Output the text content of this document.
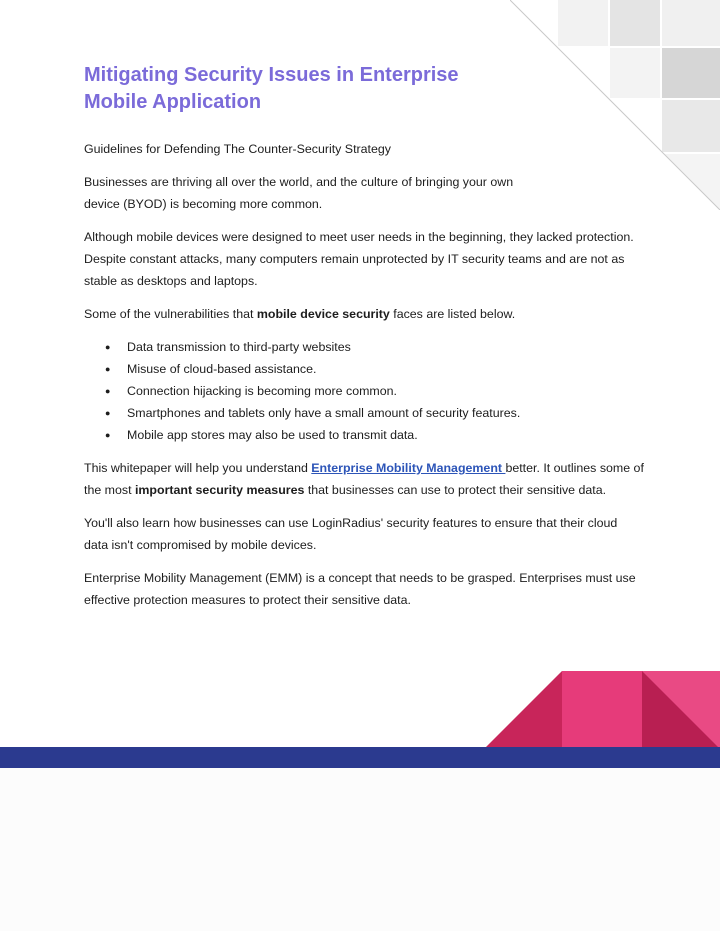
Mitigating Security Issues in Enterprise Mobile Application

Guidelines for Defending The Counter-Security Strategy

Businesses are thriving all over the world, and the culture of bringing your own device (BYOD) is becoming more common.

Although mobile devices were designed to meet user needs in the beginning, they lacked protection. Despite constant attacks, many computers remain unprotected by IT security teams and are not as stable as desktops and laptops.

Some of the vulnerabilities that mobile device security faces are listed below.

● Data transmission to third-party websites
● Misuse of cloud-based assistance.
● Connection hijacking is becoming more common.
● Smartphones and tablets only have a small amount of security features.
● Mobile app stores may also be used to transmit data.

This whitepaper will help you understand Enterprise Mobility Management better. It outlines some of the most important security measures that businesses can use to protect their sensitive data.

You'll also learn how businesses can use LoginRadius' security features to ensure that their cloud data isn't compromised by mobile devices.

Enterprise Mobility Management (EMM) is a concept that needs to be grasped. Enterprises must use effective protection measures to protect their sensitive data.
